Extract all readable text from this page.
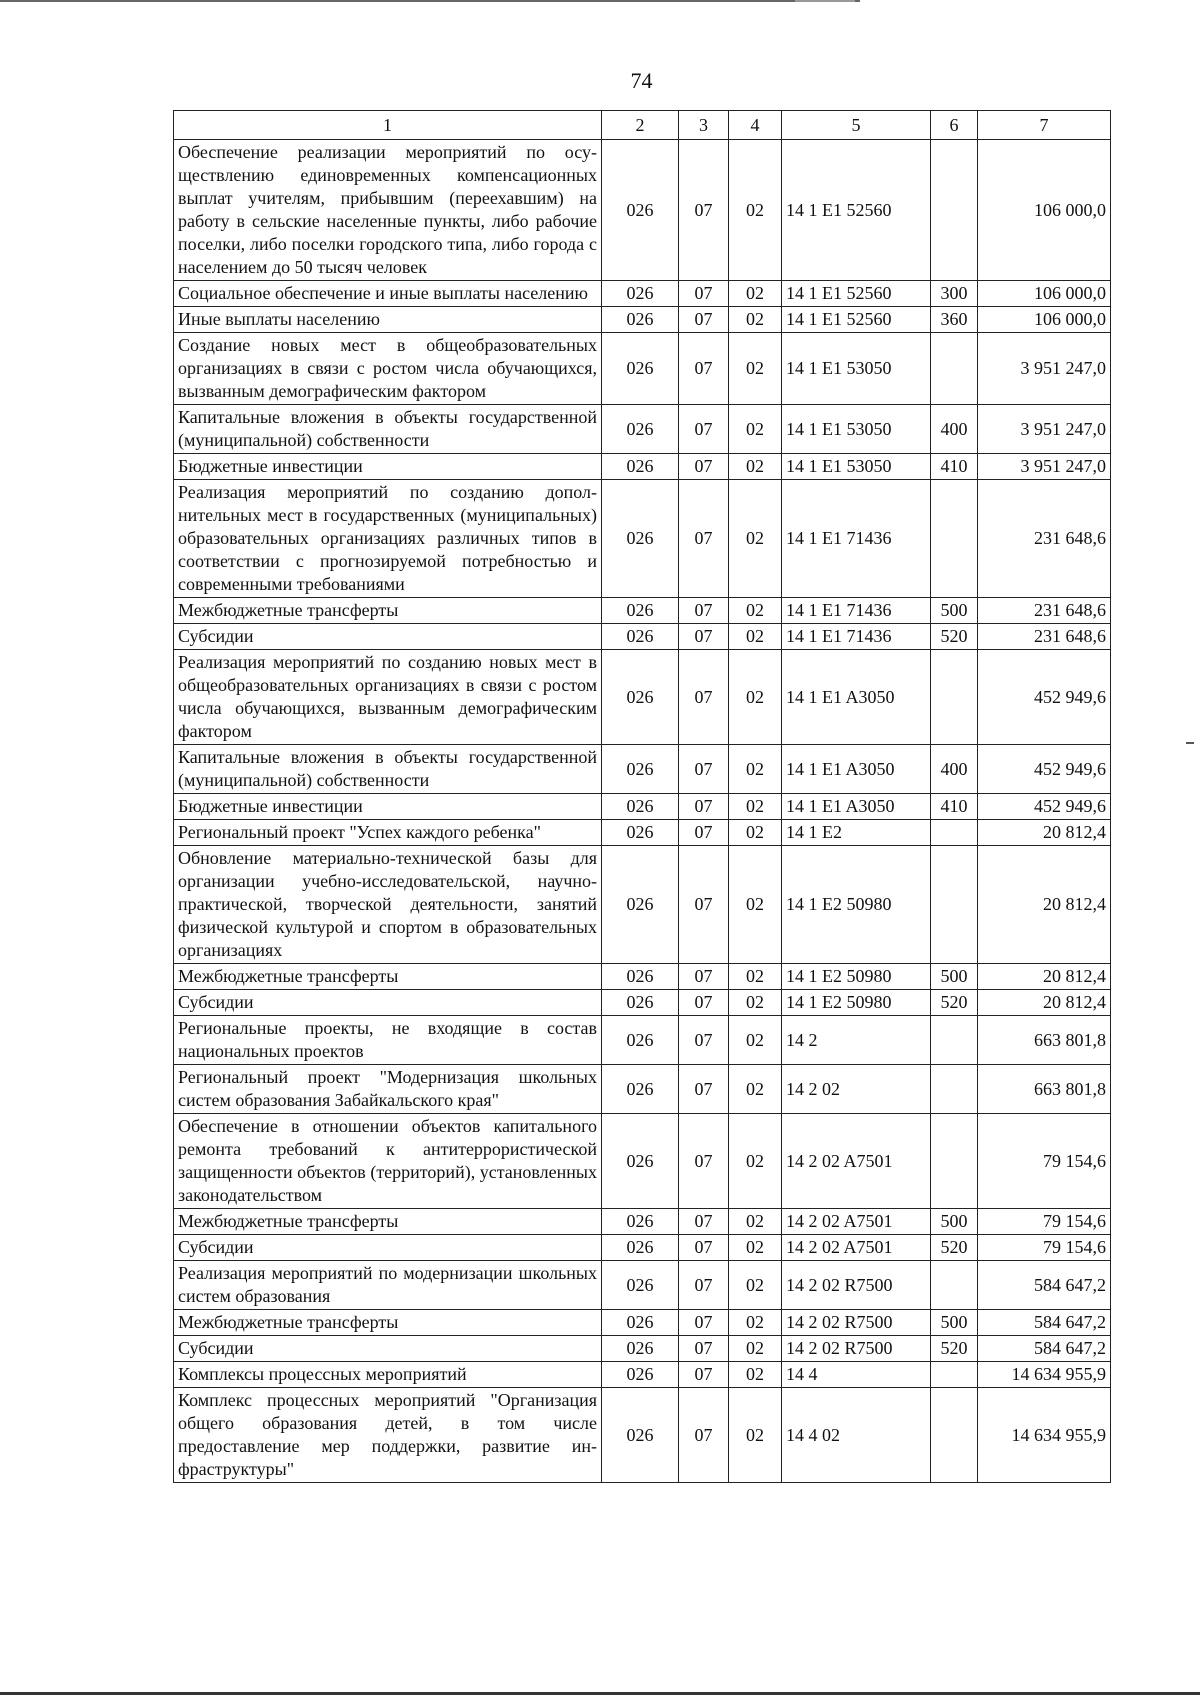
74
1	2	3	4	5	6	7
Обеспечение реализации мероприятий по осуществлению единовременных компенсационных выплат учителям, прибывшим (переехавшим) на работу в сельские населенные пункты, либо рабочие поселки, либо поселки городского типа, либо города с населением до 50 тысяч человек	026	07	02	14 1 E1 52560		106 000,0
Социальное обеспечение и иные выплаты населению	026	07	02	14 1 E1 52560	300	106 000,0
Иные выплаты населению	026	07	02	14 1 E1 52560	360	106 000,0
Создание новых мест в общеобразовательных организациях в связи с ростом числа обучающихся, вызванным демографическим фактором	026	07	02	14 1 E1 53050		3 951 247,0
Капитальные вложения в объекты государственной (муниципальной) собственности	026	07	02	14 1 E1 53050	400	3 951 247,0
Бюджетные инвестиции	026	07	02	14 1 E1 53050	410	3 951 247,0
Реализация мероприятий по созданию дополнительных мест в государственных (муниципальных) образовательных организациях различных типов в соответствии с прогнозируемой потребностью и современными требованиями	026	07	02	14 1 E1 71436		231 648,6
Межбюджетные трансферты	026	07	02	14 1 E1 71436	500	231 648,6
Субсидии	026	07	02	14 1 E1 71436	520	231 648,6
Реализация мероприятий по созданию новых мест в общеобразовательных организациях в связи с ростом числа обучающихся, вызванным демографическим фактором	026	07	02	14 1 E1 A3050		452 949,6
Капитальные вложения в объекты государственной (муниципальной) собственности	026	07	02	14 1 E1 A3050	400	452 949,6
Бюджетные инвестиции	026	07	02	14 1 E1 A3050	410	452 949,6
Региональный проект "Успех каждого ребенка"	026	07	02	14 1 E2		20 812,4
Обновление материально-технической базы для организации учебно-исследовательской, научно-практической, творческой деятельности, занятий физической культурой и спортом в образовательных организациях	026	07	02	14 1 E2 50980		20 812,4
Межбюджетные трансферты	026	07	02	14 1 E2 50980	500	20 812,4
Субсидии	026	07	02	14 1 E2 50980	520	20 812,4
Региональные проекты, не входящие в состав национальных проектов	026	07	02	14 2		663 801,8
Региональный проект "Модернизация школьных систем образования Забайкальского края"	026	07	02	14 2 02		663 801,8
Обеспечение в отношении объектов капитального ремонта требований к антитеррористической защищенности объектов (территорий), установленных законодательством	026	07	02	14 2 02 A7501		79 154,6
Межбюджетные трансферты	026	07	02	14 2 02 A7501	500	79 154,6
Субсидии	026	07	02	14 2 02 A7501	520	79 154,6
Реализация мероприятий по модернизации школьных систем образования	026	07	02	14 2 02 R7500		584 647,2
Межбюджетные трансферты	026	07	02	14 2 02 R7500	500	584 647,2
Субсидии	026	07	02	14 2 02 R7500	520	584 647,2
Комплексы процессных мероприятий	026	07	02	14 4		14 634 955,9
Комплекс процессных мероприятий "Организация общего образования детей, в том числе предоставление мер поддержки, развитие инфраструктуры"	026	07	02	14 4 02		14 634 955,9
